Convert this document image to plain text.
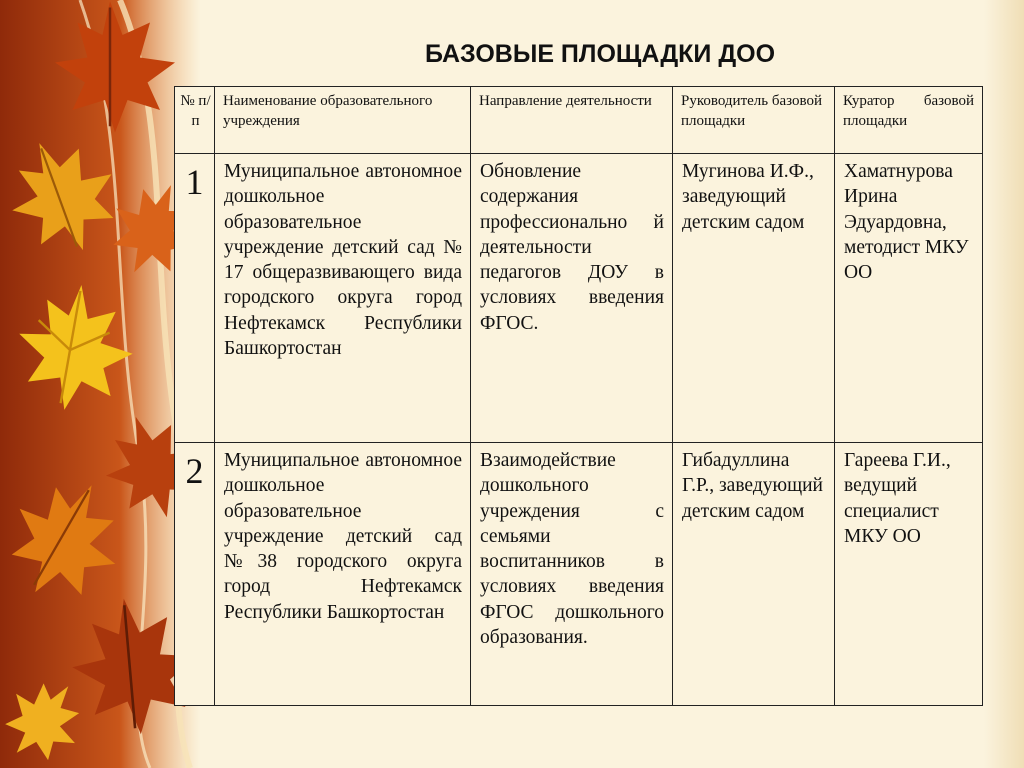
БАЗОВЫЕ ПЛОЩАДКИ ДОО
№ п/п	Наименование образовательного учреждения	Направление деятельности	Руководитель базовой площадки	Куратор базовой площадки
1	Муниципальное автономное дошкольное образовательное учреждение детский сад № 17 общеразвивающего вида городского округа город Нефтекамск Республики Башкортостан	Обновление содержания профессионально й деятельности педагогов ДОУ в условиях введения ФГОС.	Мугинова И.Ф., заведующий детским садом	Хаматнурова Ирина Эдуардовна, методист МКУ ОО
2	Муниципальное автономное дошкольное образовательное учреждение детский сад №38 городского округа город Нефтекамск Республики Башкортостан	Взаимодействие дошкольного учреждения с семьями воспитанников в условиях введения ФГОС дошкольного образования.	Гибадуллина Г.Р., заведующий детским садом	Гареева Г.И., ведущий специалист МКУ ОО
